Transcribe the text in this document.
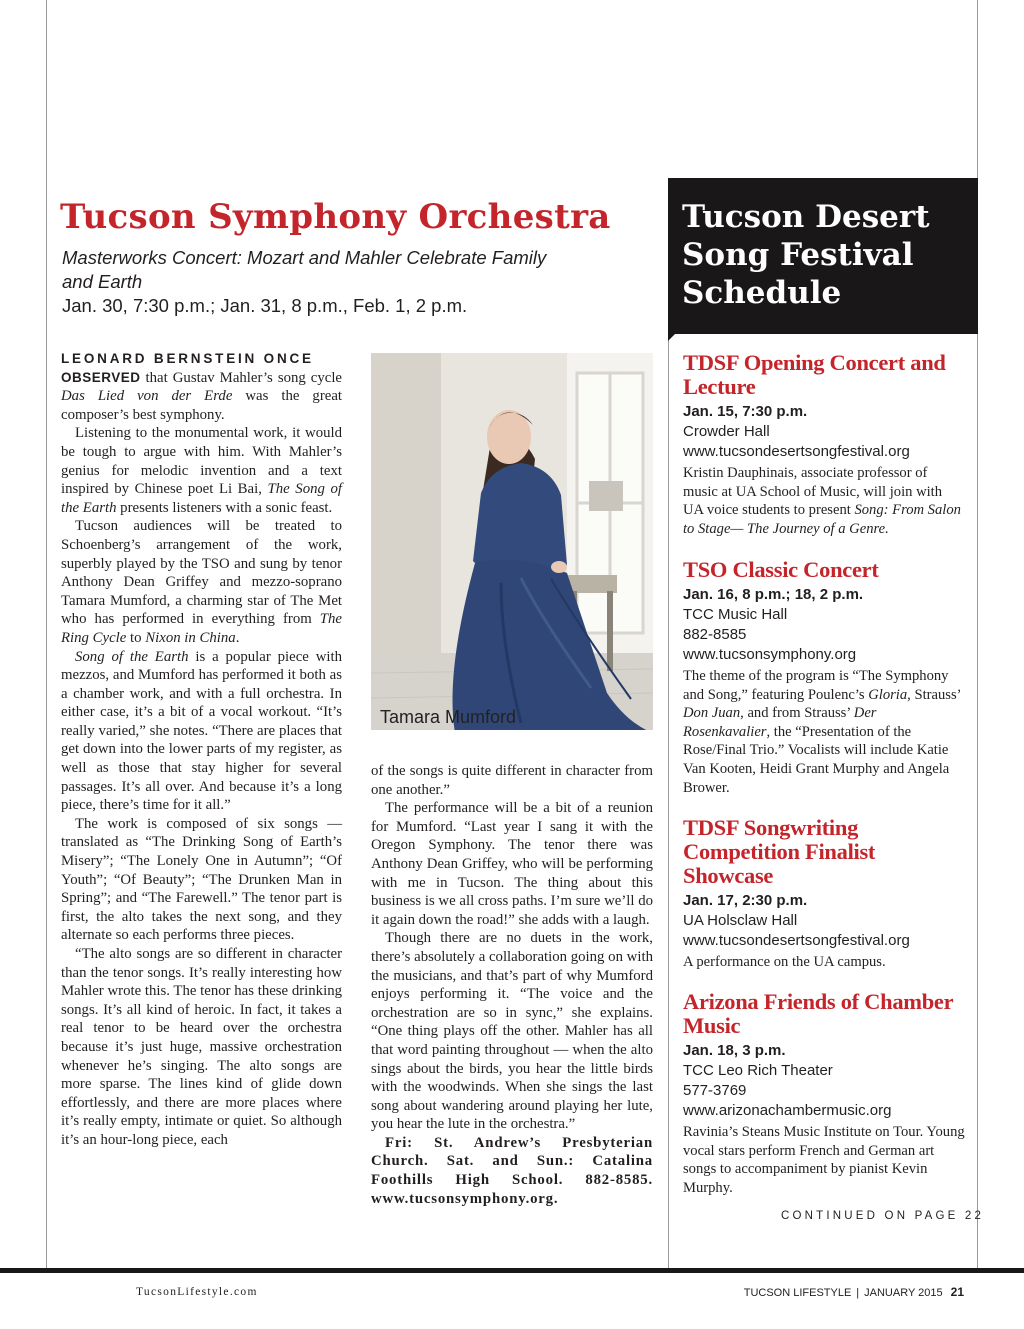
Tucson Symphony Orchestra
Masterworks Concert: Mozart and Mahler Celebrate Family and Earth
Jan. 30, 7:30 p.m.; Jan. 31, 8 p.m., Feb. 1, 2 p.m.

LEONARD BERNSTEIN ONCE
OBSERVED that Gustav Mahler’s song cycle Das Lied von der Erde was the great composer’s best symphony.

Listening to the monumental work, it would be tough to argue with him. With Mahler’s genius for melodic invention and a text inspired by Chinese poet Li Bai, The Song of the Earth presents listeners with a sonic feast.

Tucson audiences will be treated to Schoenberg’s arrangement of the work, superbly played by the TSO and sung by tenor Anthony Dean Griffey and mezzo-soprano Tamara Mumford, a charming star of The Met who has performed in everything from The Ring Cycle to Nixon in China.

Song of the Earth is a popular piece with mezzos, and Mumford has performed it both as a chamber work, and with a full orchestra. In either case, it’s a bit of a vocal workout. “It’s really varied,” she notes. “There are places that get down into the lower parts of my register, as well as those that stay higher for several passages. It’s all over. And because it’s a long piece, there’s time for it all.”

The work is composed of six songs — translated as “The Drinking Song of Earth’s Misery”; “The Lonely One in Autumn”; “Of Youth”; “Of Beauty”; “The Drunken Man in Spring”; and “The Farewell.” The tenor part is first, the alto takes the next song, and they alternate so each performs three pieces.

“The alto songs are so different in character than the tenor songs. It’s really interesting how Mahler wrote this. The tenor has these drinking songs. It’s all kind of heroic. In fact, it takes a real tenor to be heard over the orchestra because it’s just huge, massive orchestration whenever he’s singing. The alto songs are more sparse. The lines kind of glide down effortlessly, and there are more places where it’s really empty, intimate or quiet. So although it’s an hour-long piece, each

Tamara Mumford

of the songs is quite different in character from one another.”

The performance will be a bit of a reunion for Mumford. “Last year I sang it with the Oregon Symphony. The tenor there was Anthony Dean Griffey, who will be performing with me in Tucson. The thing about this business is we all cross paths. I’m sure we’ll do it again down the road!” she adds with a laugh.

Though there are no duets in the work, there’s absolutely a collaboration going on with the musicians, and that’s part of why Mumford enjoys performing it. “The voice and the orchestration are so in sync,” she explains. “One thing plays off the other. Mahler has all that word painting throughout — when the alto sings about the birds, you hear the little birds with the woodwinds. When she sings the last song about wandering around playing her lute, you hear the lute in the orchestra.”

Fri: St. Andrew’s Presbyterian Church. Sat. and Sun.: Catalina Foothills High School. 882-8585. www.tucsonsymphony.org.

Tucson Desert Song Festival Schedule
TDSF Opening Concert and Lecture
Jan. 15, 7:30 p.m.
Crowder Hall
www.tucsondesertsongfestival.org
Kristin Dauphinais, associate professor of music at UA School of Music, will join with UA voice students to present Song: From Salon to Stage— The Journey of a Genre.
TSO Classic Concert
Jan. 16, 8 p.m.; 18, 2 p.m.
TCC Music Hall
882-8585
www.tucsonsymphony.org
The theme of the program is “The Symphony and Song,” featuring Poulenc’s Gloria, Strauss’ Don Juan, and from Strauss’ Der Rosenkavalier, the “Presentation of the Rose/Final Trio.” Vocalists will include Katie Van Kooten, Heidi Grant Murphy and Angela Brower.
TDSF Songwriting Competition Finalist Showcase
Jan. 17, 2:30 p.m.
UA Holsclaw Hall
www.tucsondesertsongfestival.org
A performance on the UA campus.
Arizona Friends of Chamber Music
Jan. 18, 3 p.m.
TCC Leo Rich Theater
577-3769
www.arizonachambermusic.org
Ravinia’s Steans Music Institute on Tour. Young vocal stars perform French and German art songs to accompaniment by pianist Kevin Murphy.
CONTINUED ON PAGE 22
TucsonLifestyle.com	TUCSON LIFESTYLE | JANUARY 2015 21
